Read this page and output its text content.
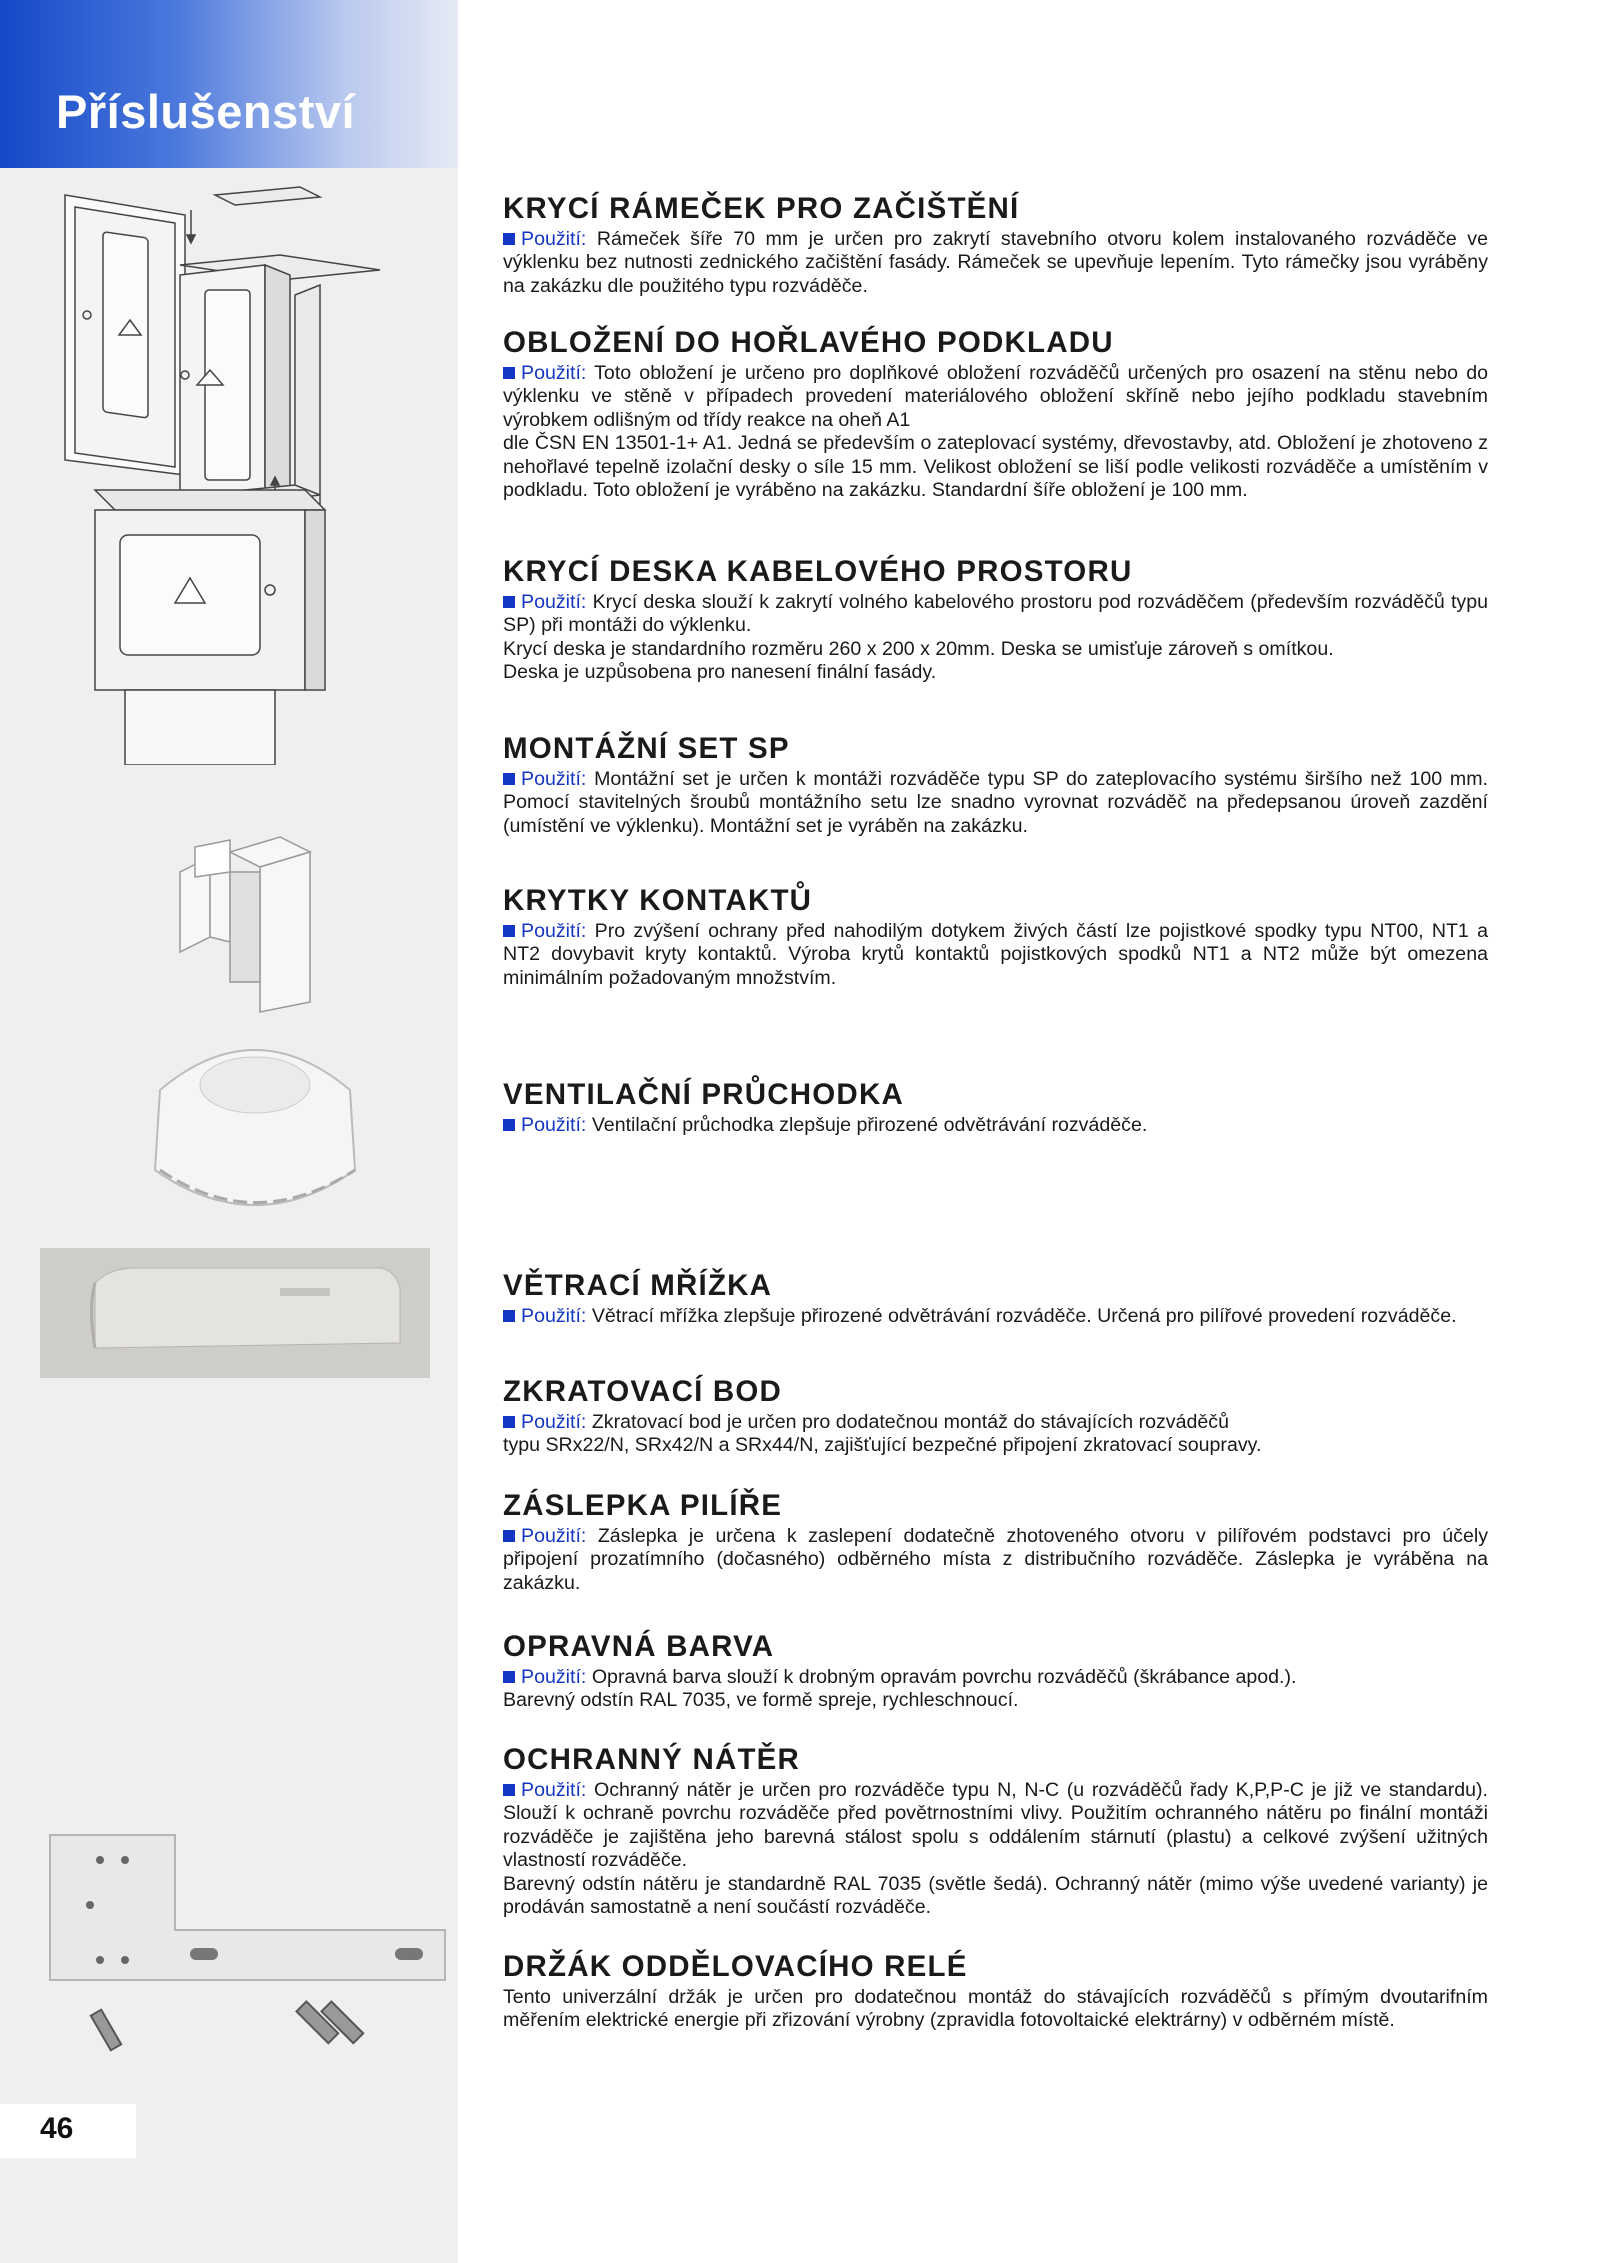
Příslušenství
46
KRYCÍ RÁMEČEK PRO ZAČIŠTĚNÍ

Použití: Rámeček šíře 70 mm je určen pro zakrytí stavebního otvoru kolem instalovaného rozváděče ve výklenku bez nutnosti zednického začištění fasády. Rámeček se upevňuje lepením. Tyto rámečky jsou vyráběny na zakázku dle použitého typu rozváděče.

OBLOŽENÍ DO HOŘLAVÉHO PODKLADU

Použití: Toto obložení je určeno pro doplňkové obložení rozváděčů určených pro osazení na stěnu nebo do výklenku ve stěně v případech provedení materiálového obložení skříně nebo jejího podkladu stavebním výrobkem odlišným od třídy reakce na oheň A1

dle ČSN EN 13501-1+ A1. Jedná se především o zateplovací systémy, dřevostavby, atd. Obložení je zhotoveno z nehořlavé tepelně izolační desky o síle 15 mm. Velikost obložení se liší podle velikosti rozváděče a umístěním v podkladu. Toto obložení je vyráběno na zakázku. Standardní šíře obložení je 100 mm.

KRYCÍ DESKA KABELOVÉHO PROSTORU

Použití: Krycí deska slouží k zakrytí volného kabelového prostoru pod rozváděčem (především rozváděčů typu SP) při montáži do výklenku.

Krycí deska je standardního rozměru 260 x 200 x 20mm. Deska se umisťuje zároveň s omítkou.

Deska je uzpůsobena pro nanesení finální fasády.

MONTÁŽNÍ SET SP

Použití: Montážní set je určen k montáži rozváděče typu SP do zateplovacího systému širšího než 100 mm. Pomocí stavitelných šroubů montážního setu lze snadno vyrovnat rozváděč na předepsanou úroveň zazdění (umístění ve výklenku). Montážní set je vyráběn na zakázku.

KRYTKY KONTAKTŮ

Použití: Pro zvýšení ochrany před nahodilým dotykem živých částí lze pojistkové spodky typu NT00, NT1 a NT2 dovybavit kryty kontaktů. Výroba krytů kontaktů pojistkových spodků NT1 a NT2 může být omezena minimálním požadovaným množstvím.

VENTILAČNÍ PRŮCHODKA

Použití: Ventilační průchodka zlepšuje přirozené odvětrávání rozváděče.

VĚTRACÍ MŘÍŽKA

Použití: Větrací mřížka zlepšuje přirozené odvětrávání rozváděče. Určená pro pilířové provedení rozváděče.

ZKRATOVACÍ BOD

Použití: Zkratovací bod je určen pro dodatečnou montáž do stávajících rozváděčů

typu SRx22/N, SRx42/N a SRx44/N, zajišťující bezpečné připojení zkratovací soupravy.

ZÁSLEPKA PILÍŘE

Použití: Záslepka je určena k zaslepení dodatečně zhotoveného otvoru v pilířovém podstavci pro účely připojení prozatímního (dočasného) odběrného místa z distribučního rozváděče. Záslepka je vyráběna na zakázku.

OPRAVNÁ BARVA

Použití: Opravná barva slouží k drobným opravám povrchu rozváděčů (škrábance apod.).

Barevný odstín RAL 7035, ve formě spreje, rychleschnoucí.

OCHRANNÝ NÁTĚR

Použití: Ochranný nátěr je určen pro rozváděče typu N, N-C (u rozváděčů řady K,P,P-C je již ve standardu). Slouží k ochraně povrchu rozváděče před povětrnostními vlivy. Použitím ochranného nátěru po finální montáži rozváděče je zajištěna jeho barevná stálost spolu s oddálením stárnutí (plastu) a celkové zvýšení užitných vlastností rozváděče.

Barevný odstín nátěru je standardně RAL 7035 (světle šedá). Ochranný nátěr (mimo výše uvedené varianty) je prodáván samostatně a není součástí rozváděče.

DRŽÁK ODDĚLOVACÍHO RELÉ

Tento univerzální držák je určen pro dodatečnou montáž do stávajících rozváděčů s přímým dvoutarifním měřením elektrické energie při zřizování výrobny (zpravidla fotovoltaické elektrárny) v odběrném místě.
